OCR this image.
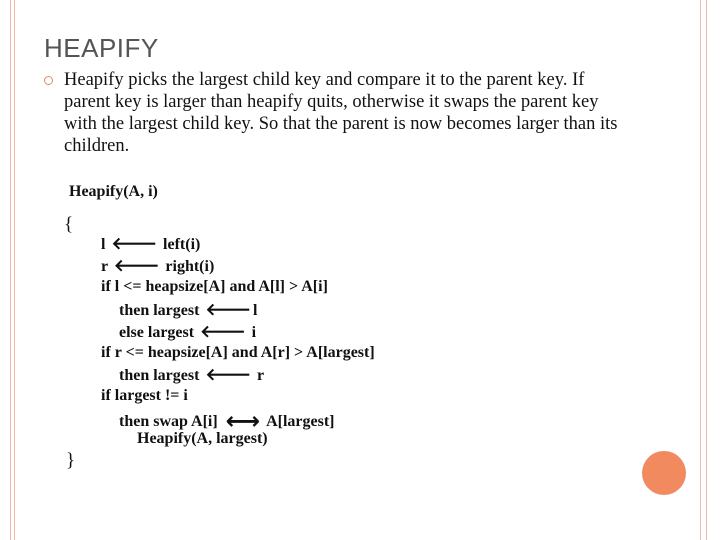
HEAPIFY
Heapify picks the largest child key and compare it to the parent key. If parent key is larger than heapify quits, otherwise it swaps the parent key with the largest child key. So that the parent is now becomes larger than its children.
Heapify(A, i)
{
l 🡐 left(i)
r 🡐 right(i)
if l <= heapsize[A] and A[l] > A[i]
then largest 🡐 l
else largest 🡐 i
if r <= heapsize[A] and A[r] > A[largest]
then largest 🡐 r
if largest != i
then swap A[i] ⟷ A[largest]
Heapify(A, largest)
}
